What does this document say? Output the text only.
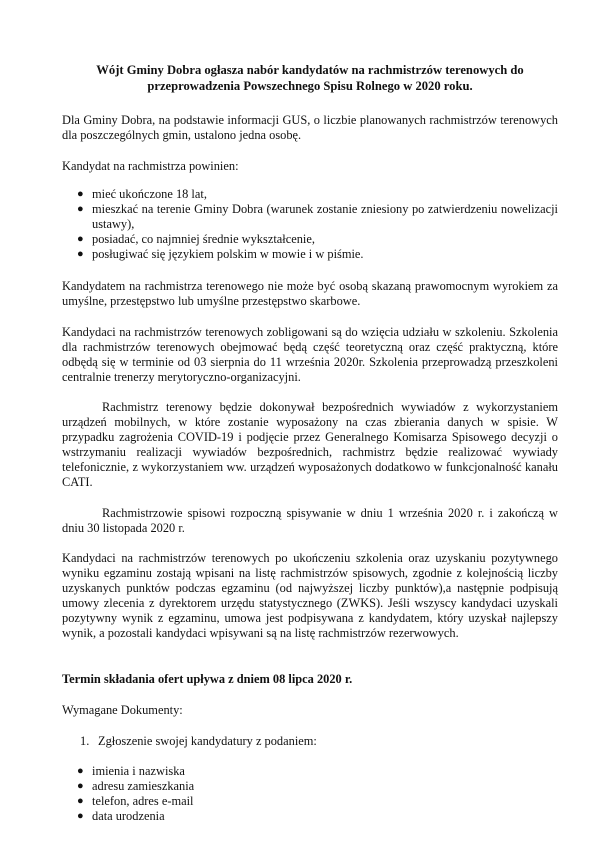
Wójt Gminy Dobra ogłasza nabór kandydatów na rachmistrzów terenowych do
przeprowadzenia Powszechnego Spisu Rolnego w 2020 roku.

Dla Gminy Dobra, na podstawie informacji GUS, o liczbie planowanych rachmistrzów terenowych dla poszczególnych gmin, ustalono jedna osobę.

Kandydat na rachmistrza powinien:

● mieć ukończone 18 lat,
● mieszkać na terenie Gminy Dobra (warunek zostanie zniesiony po zatwierdzeniu nowelizacji ustawy),
● posiadać, co najmniej średnie wykształcenie,
● posługiwać się językiem polskim w mowie i w piśmie.

Kandydatem na rachmistrza terenowego nie może być osobą skazaną prawomocnym wyrokiem za umyślne, przestępstwo lub umyślne przestępstwo skarbowe.

Kandydaci na rachmistrzów terenowych zobligowani są do wzięcia udziału w szkoleniu. Szkolenia dla rachmistrzów terenowych obejmować będą część teoretyczną oraz część praktyczną, które odbędą się w terminie od 03 sierpnia do 11 września 2020r. Szkolenia przeprowadzą przeszkoleni centralnie trenerzy merytoryczno-organizacyjni.

Rachmistrz terenowy będzie dokonywał bezpośrednich wywiadów z wykorzystaniem urządzeń mobilnych, w które zostanie wyposażony na czas zbierania danych w spisie. W przypadku zagrożenia COVID-19 i podjęcie przez Generalnego Komisarza Spisowego decyzji o wstrzymaniu realizacji wywiadów bezpośrednich, rachmistrz będzie realizować wywiady telefonicznie, z wykorzystaniem ww. urządzeń wyposażonych dodatkowo w funkcjonalność kanału CATI.

Rachmistrzowie spisowi rozpoczną spisywanie w dniu 1 września 2020 r. i zakończą w dniu 30 listopada 2020 r.

Kandydaci na rachmistrzów terenowych po ukończeniu szkolenia oraz uzyskaniu pozytywnego wyniku egzaminu zostają wpisani na listę rachmistrzów spisowych, zgodnie z kolejnością liczby uzyskanych punktów podczas egzaminu (od najwyższej liczby punktów),a następnie podpisują umowy zlecenia z dyrektorem urzędu statystycznego (ZWKS). Jeśli wszyscy kandydaci uzyskali pozytywny wynik z egzaminu, umowa jest podpisywana z kandydatem, który uzyskał najlepszy wynik, a pozostali kandydaci wpisywani są na listę rachmistrzów rezerwowych.

Termin składania ofert upływa z dniem 08 lipca 2020 r.

Wymagane Dokumenty:

1. Zgłoszenie swojej kandydatury z podaniem:
● imienia i nazwiska
● adresu zamieszkania
● telefon, adres e-mail
● data urodzenia
